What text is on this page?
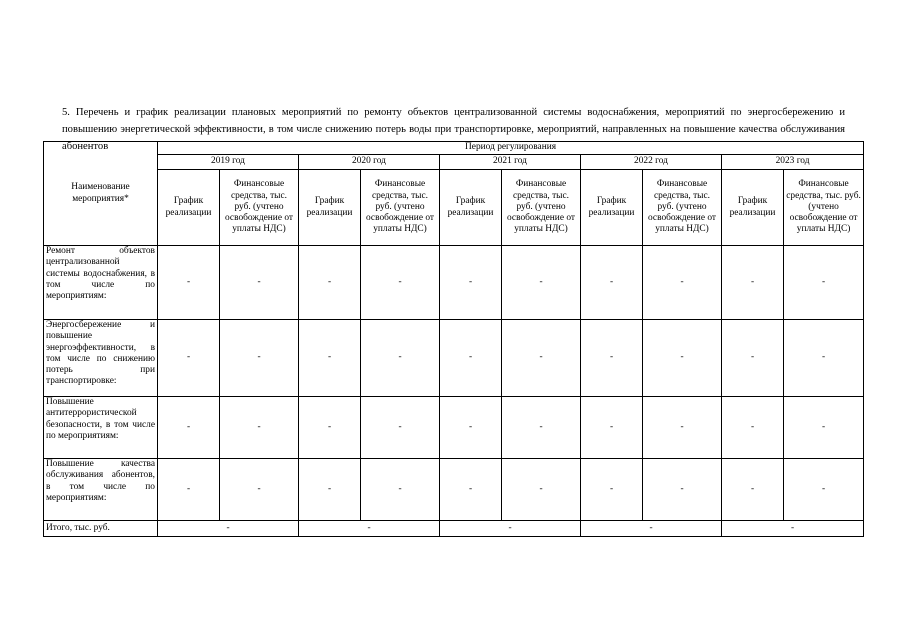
5. Перечень и график реализации плановых мероприятий по ремонту объектов централизованной системы водоснабжения, мероприятий по энергосбережению и повышению энергетической эффективности, в том числе снижению потерь воды при транспортировке, мероприятий, направленных на повышение качества обслуживания абонентов

Наименование мероприятия*	Период регулирования									
	2019 год		2020 год		2021 год		2022 год		2023 год	
	График реализации	Финансовые средства, тыс. руб. (учтено освобождение от уплаты НДС)	График реализации	Финансовые средства, тыс. руб. (учтено освобождение от уплаты НДС)	График реализации	Финансовые средства, тыс. руб. (учтено освобождение от уплаты НДС)	График реализации	Финансовые средства, тыс. руб. (учтено освобождение от уплаты НДС)	График реализации	Финансовые средства, тыс. руб. (учтено освобождение от уплаты НДС)
Ремонт объектов централизованной системы водоснабжения, в том числе по мероприятиям:	-	-	-	-	-	-	-	-	-	-
Энергосбережение и повышение энергоэффективности, в том числе по снижению потерь при транспортировке:	-	-	-	-	-	-	-	-	-	-
Повышение антитеррористической безопасности, в том числе по мероприятиям:	-	-	-	-	-	-	-	-	-	-
Повышение качества обслуживания абонентов, в том числе по мероприятиям:	-	-	-	-	-	-	-	-	-	-
Итого, тыс. руб.	-		-		-		-		-	
